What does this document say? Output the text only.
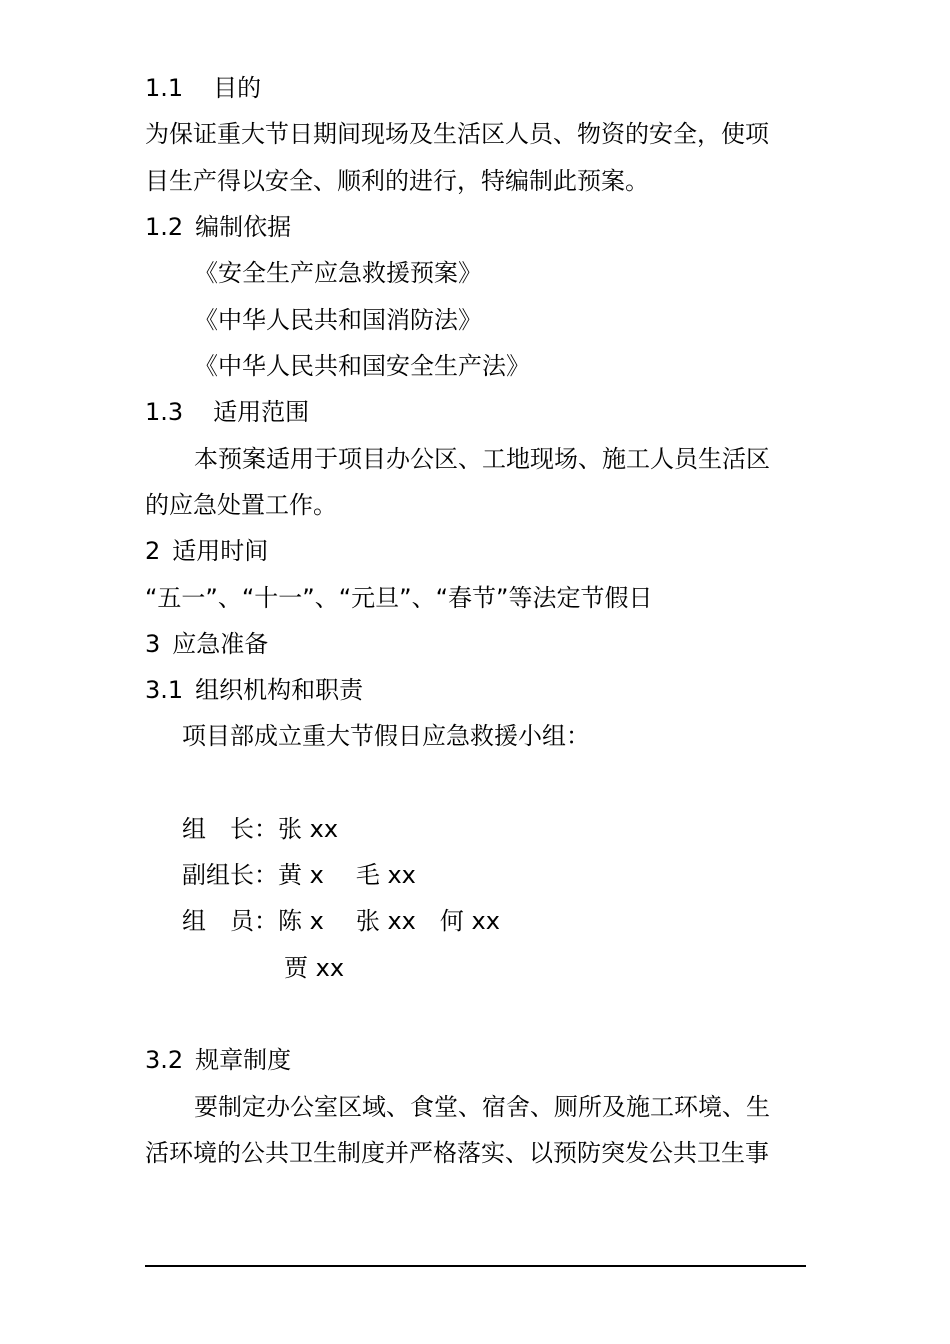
1.1 目的
为保证重大节日期间现场及生活区人员、物资的安全，使项
目生产得以安全、顺利的进行，特编制此预案。
1.2 编制依据
《安全生产应急救援预案》
《中华人民共和国消防法》
《中华人民共和国安全生产法》
1.3 适用范围
本预案适用于项目办公区、工地现场、施工人员生活区
的应急处置工作。
2 适用时间
“五一”、“十一”、“元旦”、“春节”等法定节假日
3 应急准备
3.1 组织机构和职责
项目部成立重大节假日应急救援小组：
组　长：张 xx
副组长：黄 x 毛 xx
组　员：陈 x 张 xx 何 xx
贾 xx
3.2 规章制度
要制定办公室区域、食堂、宿舍、厕所及施工环境、生
活环境的公共卫生制度并严格落实、以预防突发公共卫生事
